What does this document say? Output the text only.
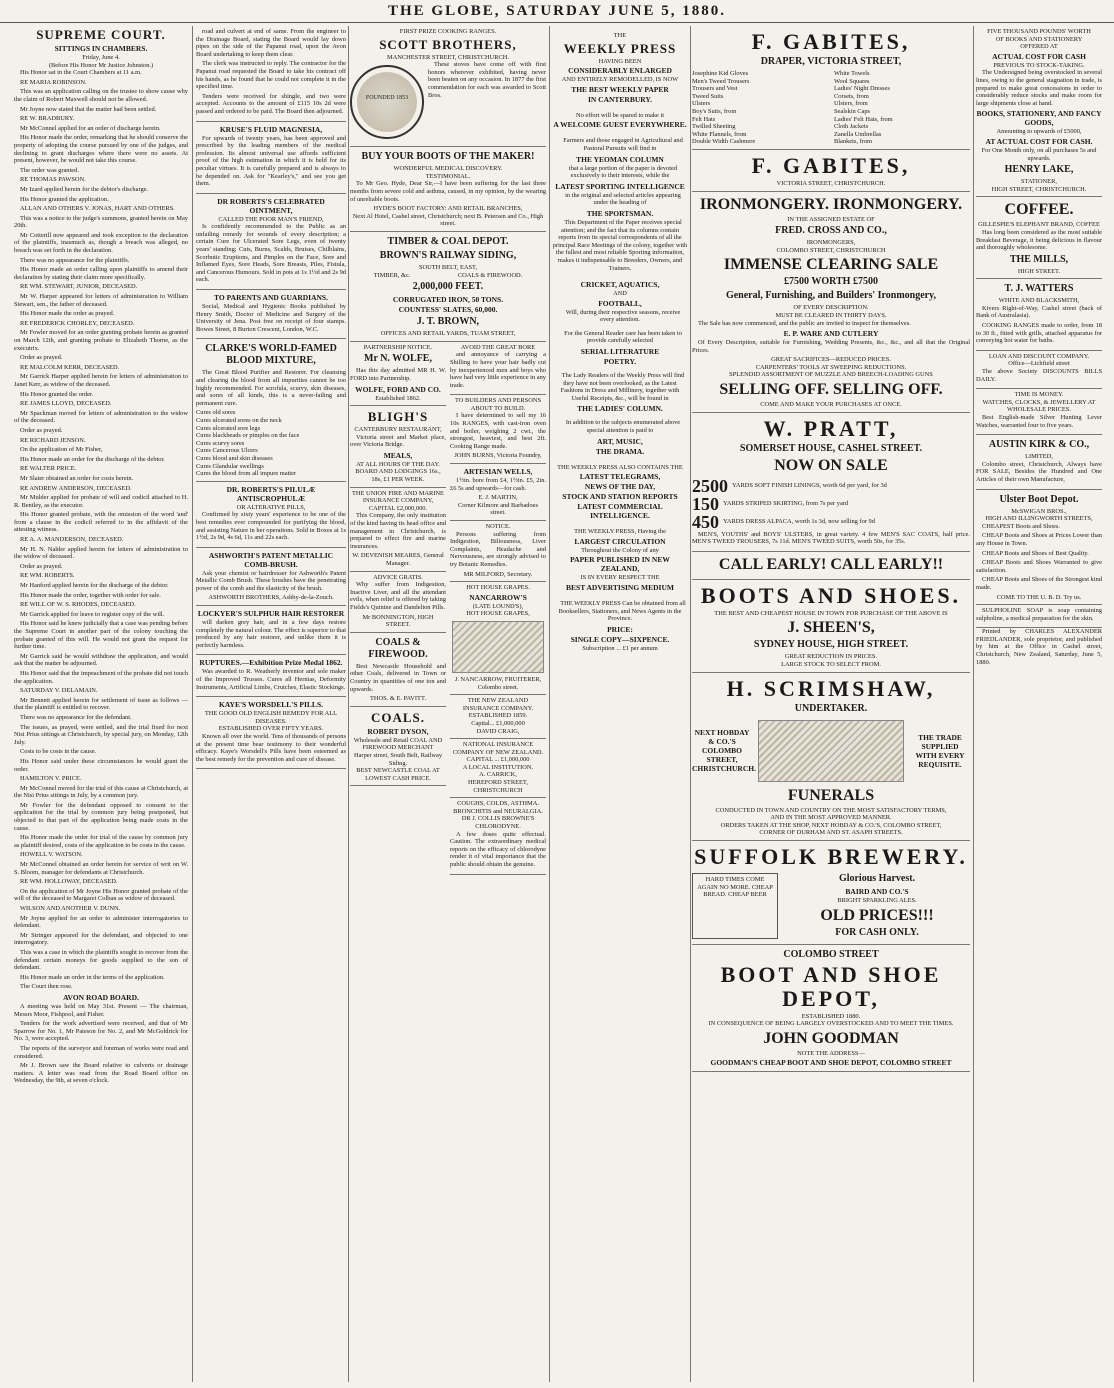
THE GLOBE, SATURDAY JUNE 5, 1880.
SUPREME COURT.
SITTINGS IN CHAMBERS.
Friday, June 4.
(Before His Honor Mr Justice Johnston.)

His Honor sat in the Court Chambers at 11 a.m.

RE MARIA ROBINSON.

This was an application calling on the trustee to show cause why the claim of Robert Maxwell should not be allowed.

Mr Joyne now stated that the matter had been settled.

RE W. BRADBURY.

Mr McConnel applied for an order of discharge herein.

His Honor made the order, remarking that he should conserve the property of adopting the course pursued by one of the judges, and declining to grant discharges where there were no assets. At present, however, he would not take this course.

The order was granted.

RE THOMAS PAWSON.

Mr Izard applied herein for the debtor's discharge.

His Honor granted the application.

ALLAN AND OTHERS V. JONAS, HART AND OTHERS.

This was a notice to the judge's summons, granted herein on May 20th.

Mr Cotterill now appeared and took exception to the declaration of the plaintiffs, inasmuch as, though a breach was alleged, no breach was set forth in the declaration.

There was no appearance for the plaintiffs.

His Honor made an order calling upon plaintiffs to amend their declaration by stating their claim more specifically.

RE WM. STEWART, JUNIOR, DECEASED.

Mr W. Harper appeared for letters of administration to William Stewart, sen., the father of deceased.

His Honor made the order as prayed.

RE FREDERICK CHORLEY, DECEASED.

Mr Fowler moved for an order granting probate herein as granted on March 12th, and granting probate to Elizabeth Thorne, as the executrix.

Order as prayed.

RE MALCOLM KERR, DECEASED.

Mr Garrick Harper applied herein for letters of administration to Janet Kerr, as widow of the deceased.

His Honor granted the order.

RE JAMES LLOYD, DECEASED.

Mr Spackman moved for letters of administration to the widow of the deceased.

Order as prayed.

RE RICHARD JENSON.

On the application of Mr Fisher,

His Honor made an order for the discharge of the debtor.

RE WALTER PRICE.

Mr Slater obtained an order for costs herein.

RE ANDREW ANDERSON, DECEASED.

Mr Mulder applied for probate of will and codicil attached to H. R. Bentley, as the executor.

His Honor granted probate, with the omission of the word 'and' from a clause in the codicil referred to in the affidavit of the attesting witness.

RE A. A. MANDERSON, DECEASED.

Mr H. N. Nalder applied herein for letters of administration to the widow of deceased.

Order as prayed.

RE WM. ROBERTS.

Mr Hanford applied herein for the discharge of the debtor.

His Honor made the order, together with order for sale.

RE WILL OF W. S. RHODES, DECEASED.

Mr Garrick applied for leave to register copy of the will.

His Honor said he knew judicially that a case was pending before the Supreme Court in another part of the colony touching the probate granted of this will. He would not grant the request for further time.

Mr Garrick said he would withdraw the application, and would ask that the matter be adjourned.

His Honor said that the impeachment of the probate did not touch the application.

SATURDAY V. DELAMAIN.

Mr Bennett applied herein for settlement of issue as follows — that the plaintiff is entitled to recover.

There was no appearance for the defendant.

The issues, as prayed, were settled, and the trial fixed for next Nisi Prius sittings at Christchurch, by special jury, on Monday, 12th July.

Costs to be costs in the cause.

His Honor said under these circumstances he would grant the order.

HAMILTON V. PRICE.

Mr McConnel moved for the trial of this cause at Christchurch, at the Nisi Prius sittings in July, by a common jury.

Mr Fowler for the defendant opposed to consent to the application for the trial by common jury being postponed, but objected to that part of the application being made costs in the cause.

His Honor made the order for trial of the cause by common jury as plaintiff desired, costs of the application to be costs in the cause.

HOWELL V. WATSON.

Mr McConnel obtained an order herein for service of writ on W. S. Bloom, manager for defendants at Christchurch.

RE WM. HOLLOWAY, DECEASED.

On the application of Mr Joyne His Honor granted probate of the will of the deceased to Margaret Colban as widow of deceased.

WILSON AND ANOTHER V. DUNN.

Mr Joyne applied for an order to administer interrogatories to defendant.

Mr Stringer appeared for the defendant, and objected to one interrogatory.

This was a case in which the plaintiffs sought to recover from the defendant certain moneys for goods supplied to the son of defendant.

His Honor made an order in the terms of the application.

The Court then rose.

AVON ROAD BOARD.

A meeting was held on May 31st. Present — The chairman, Messrs Moor, Fishpool, and Fisher.

Tenders for the work advertised were received, and that of Mr Sparrow for No. 1, Mr Pateson for No. 2, and Mr McGoldrick for No. 3, were accepted.

The reports of the surveyor and foreman of works were read and considered.

Mr J. Brown saw the Board relative to culverts or drainage matters. A letter was read from the Road Board office on Wednesday, the 9th, at seven o'clock.

road and culvert at end of same. From the engineer to the Drainage Board, stating the Board would lay down pipes on the side of the Papanui road, upon the Avon Board undertaking to keep them clear.

The clerk was instructed to reply. The contractor for the Papanui road requested the Board to take his contract off his hands, as he found that he could not complete it in the specified time.

Tenders were received for shingle, and two were accepted. Accounts to the amount of £115 10s 2d were passed and ordered to be paid. The Board then adjourned.

KRUSE'S FLUID MAGNESIA,

For upwards of twenty years, has been approved and prescribed by the leading members of the medical profession. Its almost universal use affords sufficient proof of the high estimation in which it is held for its peculiar virtues. It is carefully prepared and is always to be depended on. Ask for "Kearley's," and see you get them.

DR ROBERTS'S CELEBRATED OINTMENT,
CALLED THE POOR MAN'S FRIEND,

Is confidently recommended to the Public as an unfailing remedy for wounds of every description; a certain Cure for Ulcerated Sore Legs, even of twenty years' standing; Cuts, Burns, Scalds, Bruises, Chilblains, Scorbutic Eruptions, and Pimples on the Face, Sore and Inflamed Eyes, Sore Heads, Sore Breasts, Piles, Fistula, and Cancerous Humours. Sold in pots at 1s 1½d and 2s 9d each.

TO PARENTS AND GUARDIANS.

Social, Medical and Hygienic Books published by Henry Smith, Doctor of Medicine and Surgery of the University of Jena. Post free on receipt of four stamps. Bowes Street, 8 Burton Crescent, London, W.C.

CLARKE'S WORLD-FAMED BLOOD MIXTURE,

The Great Blood Purifier and Restorer. For cleansing and clearing the blood from all impurities cannot be too highly recommended. For scrofula, scurvy, skin diseases, and sores of all kinds, this is a never-failing and permanent cure.

Cures old sores
Cures ulcerated sores on the neck
Cures ulcerated sore legs
Cures blackheads or pimples on the face
Cures scurvy sores
Cures Cancerous Ulcers
Cures blood and skin diseases
Cures Glandular swellings
Cures the blood from all impure matter
DR. ROBERTS'S PILULÆ ANTISCROPHULÆ
OR ALTERATIVE PILLS,

Confirmed by sixty years' experience to be one of the best remedies ever compounded for purifying the blood, and assisting Nature in her operations. Sold in Boxes at 1s 1½d, 2s 9d, 4s 6d, 11s and 22s each.

ASHWORTH'S PATENT METALLIC COMB-BRUSH.

Ask your chemist or hairdresser for Ashworth's Patent Metallic Comb Brush. These brushes have the penetrating power of the comb and the elasticity of the brush.

ASHWORTH BROTHERS, Ashby-de-la-Zouch.
LOCKYER'S SULPHUR HAIR RESTORER

will darken grey hair, and in a few days restore completely the natural colour. The effect is superior to that produced by any hair restorer, and unlike them it is perfectly harmless.

RUPTURES.—Exhibition Prize Medal 1862.

Was awarded to R. Weatherly inventor and sole maker of the Improved Trusses. Cures all Hernias, Deformity Instruments, Artificial Limbs, Crutches, Elastic Stockings.

KAYE'S WORSDELL'S PILLS.
THE GOOD OLD ENGLISH REMEDY FOR ALL DISEASES.
ESTABLISHED OVER FIFTY YEARS.

Known all over the world. Tens of thousands of persons at the present time bear testimony to their wonderful efficacy. Kaye's Worsdell's Pills have been esteemed as the best remedy for the prevention and cure of disease.

FIRST PRIZE COOKING RANGES.
SCOTT BROTHERS,
MANCHESTER STREET, CHRISTCHURCH.
FOUNDED 1853

These stoves have come off with first honors wherever exhibited, having never been beaten on any occasion. In 1877 the first commendation for each was awarded to Scott Bros.

BUY YOUR BOOTS OF THE MAKER!
WONDERFUL MEDICAL DISCOVERY.
TESTIMONIAL.

To Mr Geo. Hyde, Dear Sir,—I have been suffering for the last three months from severe cold and asthma, caused, in my opinion, by the wearing of unreliable boots.

HYDE'S BOOT FACTORY: AND RETAIL BRANCHES,
Next Al Hotel, Cashel street, Christchurch; next B. Petersen and Co., High street.
TIMBER & COAL DEPOT.
BROWN'S RAILWAY SIDING,
SOUTH BELT, EAST,
TIMBER, &c.	COALS & FIREWOOD.
2,000,000 FEET.
CORRUGATED IRON, 50 TONS.
COUNTESS' SLATES, 60,000.
J. T. BROWN,
OFFICES AND RETAIL YARDS, TUAM STREET,
PARTNERSHIP NOTICE.
Mr N. WOLFE,

Has this day admitted MR H. W. FORD into Partnership.

WOLFE, FORD AND CO.
Established 1862.
BLIGH'S
CANTERBURY RESTAURANT,

Victoria street and Market place, over Victoria Bridge.

MEALS,
AT ALL HOURS OF THE DAY.
BOARD AND LODGINGS 16s., 18s, £1 PER WEEK.
THE UNION FIRE AND MARINE INSURANCE COMPANY,
CAPITAL £2,000,000.

This Company, the only institution of the kind having its head office and management in Christchurch, is prepared to effect fire and marine insurances.

W. DEVENISH MEARES, General Manager.
ADVICE GRATIS.

Why suffer from Indigestion, Inactive Liver, and all the attendant evils, when relief is offered by taking Fields's Quinine and Dandelion Pills.

Mr BONNINGTON, HIGH STREET.
COALS & FIREWOOD.

Best Newcastle Household and other Coals, delivered in Town or Country in quantities of one ton and upwards.

THOS. & E. PAVITT.
COALS.
ROBERT DYSON,
Wholesale and Retail COAL AND FIREWOOD MERCHANT
Harper street, South Belt, Railway Siding.
BEST NEWCASTLE COAL AT LOWEST CASH PRICE.
AVOID THE GREAT BORE

and annoyance of carrying a Shilling to have your hair badly cut by inexperienced men and boys who have had very little experience in any trade.

TO BUILDERS AND PERSONS ABOUT TO BUILD.

I have determined to sell my 16 10s RANGES, with cast-iron oven and boiler, weighing 2 cwt., the strongest, heaviest, and best 2ft. Cooking Range made.

JOHN BURNS, Victoria Foundry,
ARTESIAN WELLS,

1½in. bore from £4, 1½in. £5, 2in. £6 5s and upwards—for cash.

E. J. MARTIN,
Corner Kilmore and Barbadoes street.
NOTICE.

Persons suffering from Indigestion, Biliousness, Liver Complaints, Headache and Nervousness, are strongly advised to try Botanic Remedies.

MR MILFORD, Secretary.
HOT HOUSE GRAPES.
NANCARROW'S
(LATE LOUND'S),
HOT HOUSE GRAPES,
J. NANCARROW, FRUITERER, Colombo street.
THE NEW ZEALAND INSURANCE COMPANY.
ESTABLISHED 1859.
Capital... £1,000,000
DAVID CRAIG,
NATIONAL INSURANCE COMPANY OF NEW ZEALAND.
CAPITAL ... £1,000,000
A LOCAL INSTITUTION.
A. CARRICK,
HEREFORD STREET, CHRISTCHURCH
COUGHS, COLDS, ASTHMA.
BRONCHITIS and NEURALGIA.
DR J. COLLIS BROWNE'S CHLORODYNE.

A few doses quite effectual. Caution. The extraordinary medical reports on the efficacy of chlorodyne render it of vital importance that the public should obtain the genuine.

THE
WEEKLY PRESS
HAVING BEEN
CONSIDERABLY ENLARGED
AND ENTIRELY REMODELLED, IS NOW
THE BEST WEEKLY PAPER
IN CANTERBURY.
No effort will be spared to make it
A WELCOME GUEST EVERYWHERE.

Farmers and those engaged in Agricultural and Pastoral Pursuits will find in

THE YEOMAN COLUMN

that a large portion of the paper is devoted exclusively to their interests, while the

LATEST SPORTING INTELLIGENCE

in the original and selected articles appearing under the heading of

THE SPORTSMAN.

This Department of the Paper receives special attention; and the fact that its columns contain reports from its special correspondents of all the principal Race Meetings of the colony, together with the fullest and most reliable Sporting information, makes it indispensable to Breeders, Owners, and Trainers.

CRICKET, AQUATICS,
AND
FOOTBALL,

Will, during their respective seasons, receive every attention.

For the General Reader care has been taken to provide carefully selected

SERIAL LITERATURE
POETRY.

The Lady Readers of the Weekly Press will find they have not been overlooked, as the Latest Fashions in Dress and Millinery, together with Useful Receipts, &c., will be found in

THE LADIES' COLUMN.

In addition to the subjects enumerated above special attention is paid to

ART, MUSIC,
THE DRAMA.
THE WEEKLY PRESS ALSO CONTAINS THE
LATEST TELEGRAMS,
NEWS OF THE DAY,
STOCK AND STATION REPORTS
LATEST COMMERCIAL INTELLIGENCE.
THE WEEKLY PRESS, Having the
LARGEST CIRCULATION
Throughout the Colony of any
PAPER PUBLISHED IN NEW ZEALAND,
IS IN EVERY RESPECT THE
BEST ADVERTISING MEDIUM

THE WEEKLY PRESS Can be obtained from all Booksellers, Stationers, and News Agents in the Province.

PRICE:
SINGLE COPY—SIXPENCE.
Subscription ... £1 per annum
F. GABITES,
DRAPER, VICTORIA STREET,
Josephine Kid Gloves
Men's Tweed Trousers
Trousers and Vest
Tweed Suits
Ulsters
Boy's Suits, from
Felt Hats
Twilled Sheeting
White Flannels, from
Double Width Cashmere
White Towels
Wool Squares
Ladies' Night Dresses
Corsets, from
Ulsters, from
Sealskin Caps
Ladies' Felt Hats, from
Cloth Jackets
Zanella Umbrellas
Blankets, from
F. GABITES,
VICTORIA STREET, CHRISTCHURCH.
IRONMONGERY. IRONMONGERY.
IN THE ASSIGNED ESTATE OF
FRED. CROSS AND CO.,
IRONMONGERS,
COLOMBO STREET, CHRISTCHURCH
IMMENSE CLEARING SALE
£7500 WORTH £7500
General, Furnishing, and Builders' Ironmongery,
OF EVERY DESCRIPTION.
MUST BE CLEARED IN THIRTY DAYS.

The Sale has now commenced, and the public are invited to inspect for themselves.

E. P. WARE AND CUTLERY

Of Every Description, suitable for Furnishing, Wedding Presents, &c., &c., and all that the Original Prices.

GREAT SACRIFICES—REDUCED PRICES.
CARPENTERS' TOOLS AT SWEEPING REDUCTIONS.
SPLENDID ASSORTMENT OF MUZZLE AND BREECH-LOADING GUNS
SELLING OFF. SELLING OFF.
COME AND MAKE YOUR PURCHASES AT ONCE.
W. PRATT,
SOMERSET HOUSE, CASHEL STREET.
NOW ON SALE
2500 YARDS SOFT FINISH LININGS, worth 6d per yard, for 3d
150 YARDS STRIPED SKIRTING, from 7s per yard
450 YARDS DRESS ALPACA, worth 1s 3d, now selling for 9d

MEN'S, YOUTHS' and BOYS' ULSTERS, in great variety. 4 few MEN'S SAC COATS, half price. MEN'S TWEED TROUSERS, 7s 11d. MEN'S TWEED SUITS, worth 50s, for 35s.

CALL EARLY! CALL EARLY!!
BOOTS AND SHOES.
THE BEST AND CHEAPEST HOUSE IN TOWN FOR PURCHASE OF THE ABOVE IS
J. SHEEN'S,
SYDNEY HOUSE, HIGH STREET.
GREAT REDUCTION IN PRICES.
LARGE STOCK TO SELECT FROM.
H. SCRIMSHAW,
UNDERTAKER.
NEXT HOBDAY & CO.'S COLOMBO STREET, CHRISTCHURCH.
THE TRADE SUPPLIED WITH EVERY REQUISITE.
FUNERALS
CONDUCTED IN TOWN AND COUNTRY ON THE MOST SATISFACTORY TERMS,
AND IN THE MOST APPROVED MANNER.
ORDERS TAKEN AT THE SHOP, NEXT HOBDAY & CO.'S, COLOMBO STREET,
CORNER OF DURHAM AND ST. ASAPH STREETS.
SUFFOLK BREWERY.
HARD TIMES COME AGAIN NO MORE. CHEAP BREAD. CHEAP BEER
Glorious Harvest.
BAIRD AND CO.'S
BRIGHT SPARKLING ALES.
OLD PRICES!!!
FOR CASH ONLY.
COLOMBO STREET
BOOT AND SHOE DEPOT,
ESTABLISHED 1880.
IN CONSEQUENCE OF BEING LARGELY OVERSTOCKED AND TO MEET THE TIMES.
JOHN GOODMAN
NOTE THE ADDRESS—
GOODMAN'S CHEAP BOOT AND SHOE DEPOT, COLOMBO STREET
FIVE THOUSAND POUNDS' WORTH
OF BOOKS AND STATIONERY
OFFERED AT
ACTUAL COST FOR CASH
PREVIOUS TO STOCK-TAKING.

The Undersigned being overstocked in several lines, owing to the general stagnation in trade, is prepared to make great concessions in order to considerably reduce stocks and make room for large shipments close at hand.

BOOKS, STATIONERY, AND FANCY GOODS,
Amounting to upwards of £5000,
AT ACTUAL COST FOR CASH.
For One Month only, on all purchases 5s and upwards.
HENRY LAKE,
STATIONER,
HIGH STREET, CHRISTCHURCH.
COFFEE.
GILLESPIE'S ELEPHANT BRAND, COFFEE

Has long been considered as the most suitable Breakfast Beverage, it being delicious in flavour and thoroughly wholesome.

THE MILLS,
HIGH STREET.
T. J. WATTERS
WHITE AND BLACKSMITH,

Kivers Right-of-Way, Cashel street (back of Bank of Australasia).

COOKING RANGES made to order, from 18 to 30 ft., fitted with grills, attached apparatus for conveying hot water for baths.

LOAN AND DISCOUNT COMPANY.
Office—Lichfield street

The above Society DISCOUNTS BILLS DAILY.

TIME IS MONEY.
WATCHES, CLOCKS, & JEWELLERY AT WHOLESALE PRICES.

Best English-made Silver Hunting Lever Watches, warranted four to five years.

AUSTIN KIRK & CO.,
LIMITED,

Colombo street, Christchurch, Always have FOR SALE, Besides the Hundred and One Articles of their own Manufacture,

Ulster Boot Depot.
McSWIGAN BROS.,
HIGH AND ILLINGWORTH STREETS,

CHEAPEST Boots and Shoes.

CHEAP Boots and Shoes at Prices Lower than any House in Town.

CHEAP Boots and Shoes of Best Quality.

CHEAP Boots and Shoes Warranted to give satisfaction.

CHEAP Boots and Shoes of the Strongest kind made.

COME TO THE U. B. D. Try us.

SULPHOLINE SOAP is soap containing sulpholine, a medical preparation for the skin.

Printed by CHARLES ALEXANDER FRIEDLANDER, sole proprietor, and published by him at the Office in Cashel street, Christchurch, New Zealand, Saturday, June 5, 1880.
